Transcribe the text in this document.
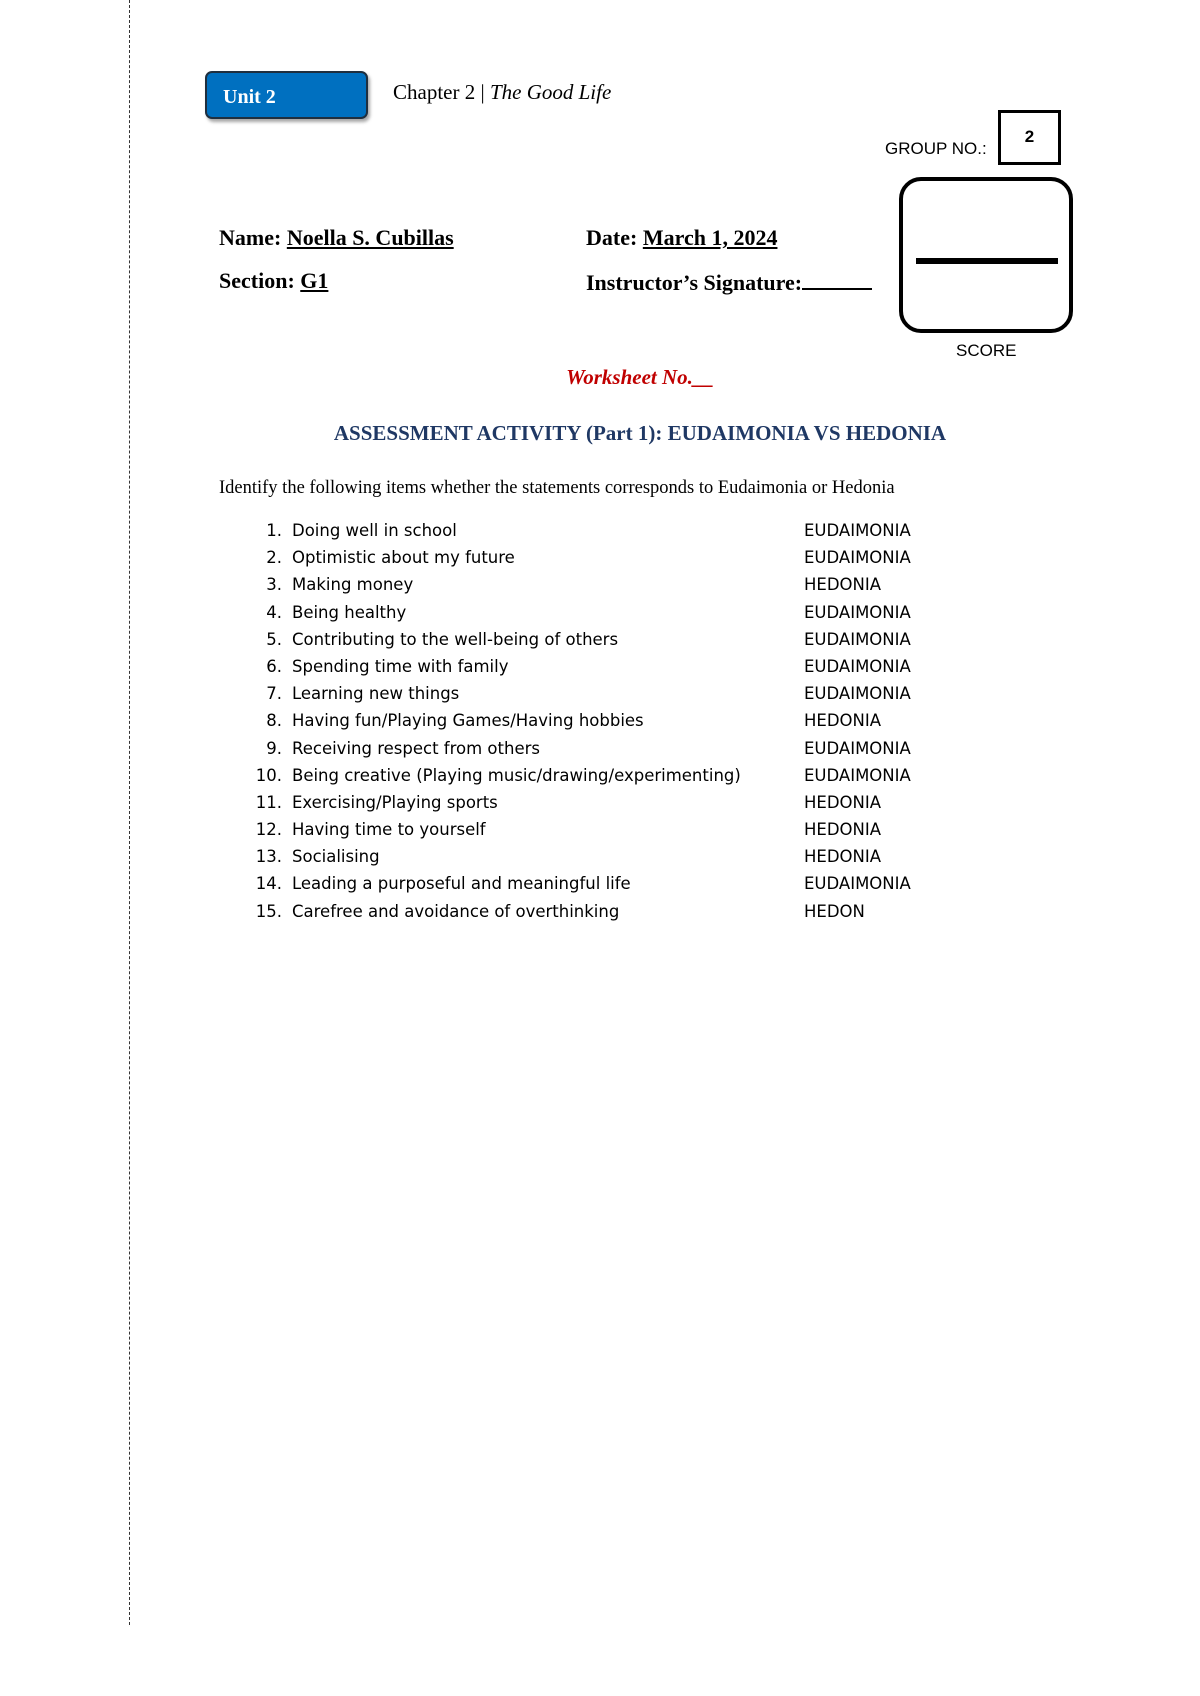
Unit 2	Chapter 2 | The Good Life
GROUP NO.:
2
SCORE
Name: Noella S. Cubillas
Section: G1
Date: March 1, 2024
Instructor’s Signature:
Worksheet No.__
ASSESSMENT ACTIVITY (Part 1): EUDAIMONIA VS HEDONIA
Identify the following items whether the statements corresponds to Eudaimonia or Hedonia
1. Doing well in school	EUDAIMONIA
2. Optimistic about my future	EUDAIMONIA
3. Making money	HEDONIA
4. Being healthy	EUDAIMONIA
5. Contributing to the well-being of others	EUDAIMONIA
6. Spending time with family	EUDAIMONIA
7. Learning new things	EUDAIMONIA
8. Having fun/Playing Games/Having hobbies	HEDONIA
9. Receiving respect from others	EUDAIMONIA
10. Being creative (Playing music/drawing/experimenting)	EUDAIMONIA
11. Exercising/Playing sports	HEDONIA
12. Having time to yourself	HEDONIA
13. Socialising	HEDONIA
14. Leading a purposeful and meaningful life	EUDAIMONIA
15. Carefree and avoidance of overthinking	HEDON
